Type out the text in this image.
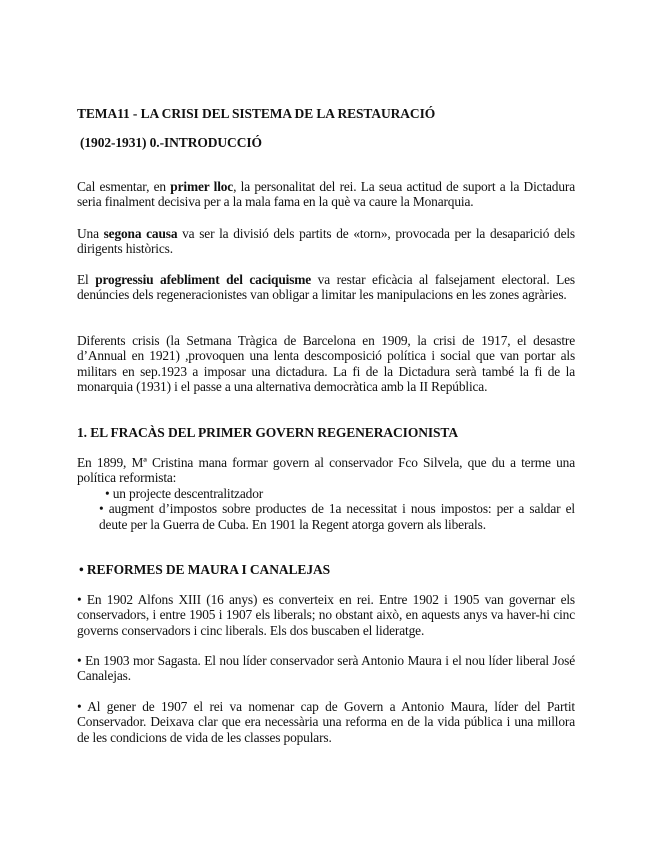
TEMA11 - LA CRISI DEL SISTEMA DE LA RESTAURACIÓ
(1902-1931) 0.-INTRODUCCIÓ
Cal esmentar, en primer lloc, la personalitat del rei. La seua actitud de suport a la Dictadura seria finalment decisiva per a la mala fama en la què va caure la Monarquia.
Una segona causa va ser la divisió dels partits de «torn», provocada per la desaparició dels dirigents històrics.
El progressiu afebliment del caciquisme va restar eficàcia al falsejament electoral. Les denúncies dels regeneracionistes van obligar a limitar les manipulacions en les zones agràries.
Diferents crisis (la Setmana Tràgica de Barcelona en 1909, la crisi de 1917, el desastre d’Annual en 1921) ,provoquen una lenta descomposició política i social que van portar als militars en sep.1923 a imposar una dictadura. La fi de la Dictadura serà també la fi de la monarquia (1931) i el passe a una alternativa democràtica amb la II República.
1. EL FRACÀS DEL PRIMER GOVERN REGENERACIONISTA
En 1899, Mª Cristina mana formar govern al conservador Fco Silvela, que du a terme una política reformista:
• un projecte descentralitzador
• augment d’impostos sobre productes de 1a necessitat i nous impostos: per a saldar el deute per la Guerra de Cuba. En 1901 la Regent atorga govern als liberals.
• REFORMES DE MAURA I CANALEJAS
• En 1902 Alfons XIII (16 anys) es converteix en rei. Entre 1902 i 1905 van governar els conservadors, i entre 1905 i 1907 els liberals; no obstant això, en aquests anys va haver-hi cinc governs conservadors i cinc liberals. Els dos buscaben el lideratge.
• En 1903 mor Sagasta. El nou líder conservador serà Antonio Maura i el nou líder liberal José Canalejas.
• Al gener de 1907 el rei va nomenar cap de Govern a Antonio Maura, líder del Partit Conservador. Deixava clar que era necessària una reforma en de la vida pública i una millora de les condicions de vida de les classes populars.
